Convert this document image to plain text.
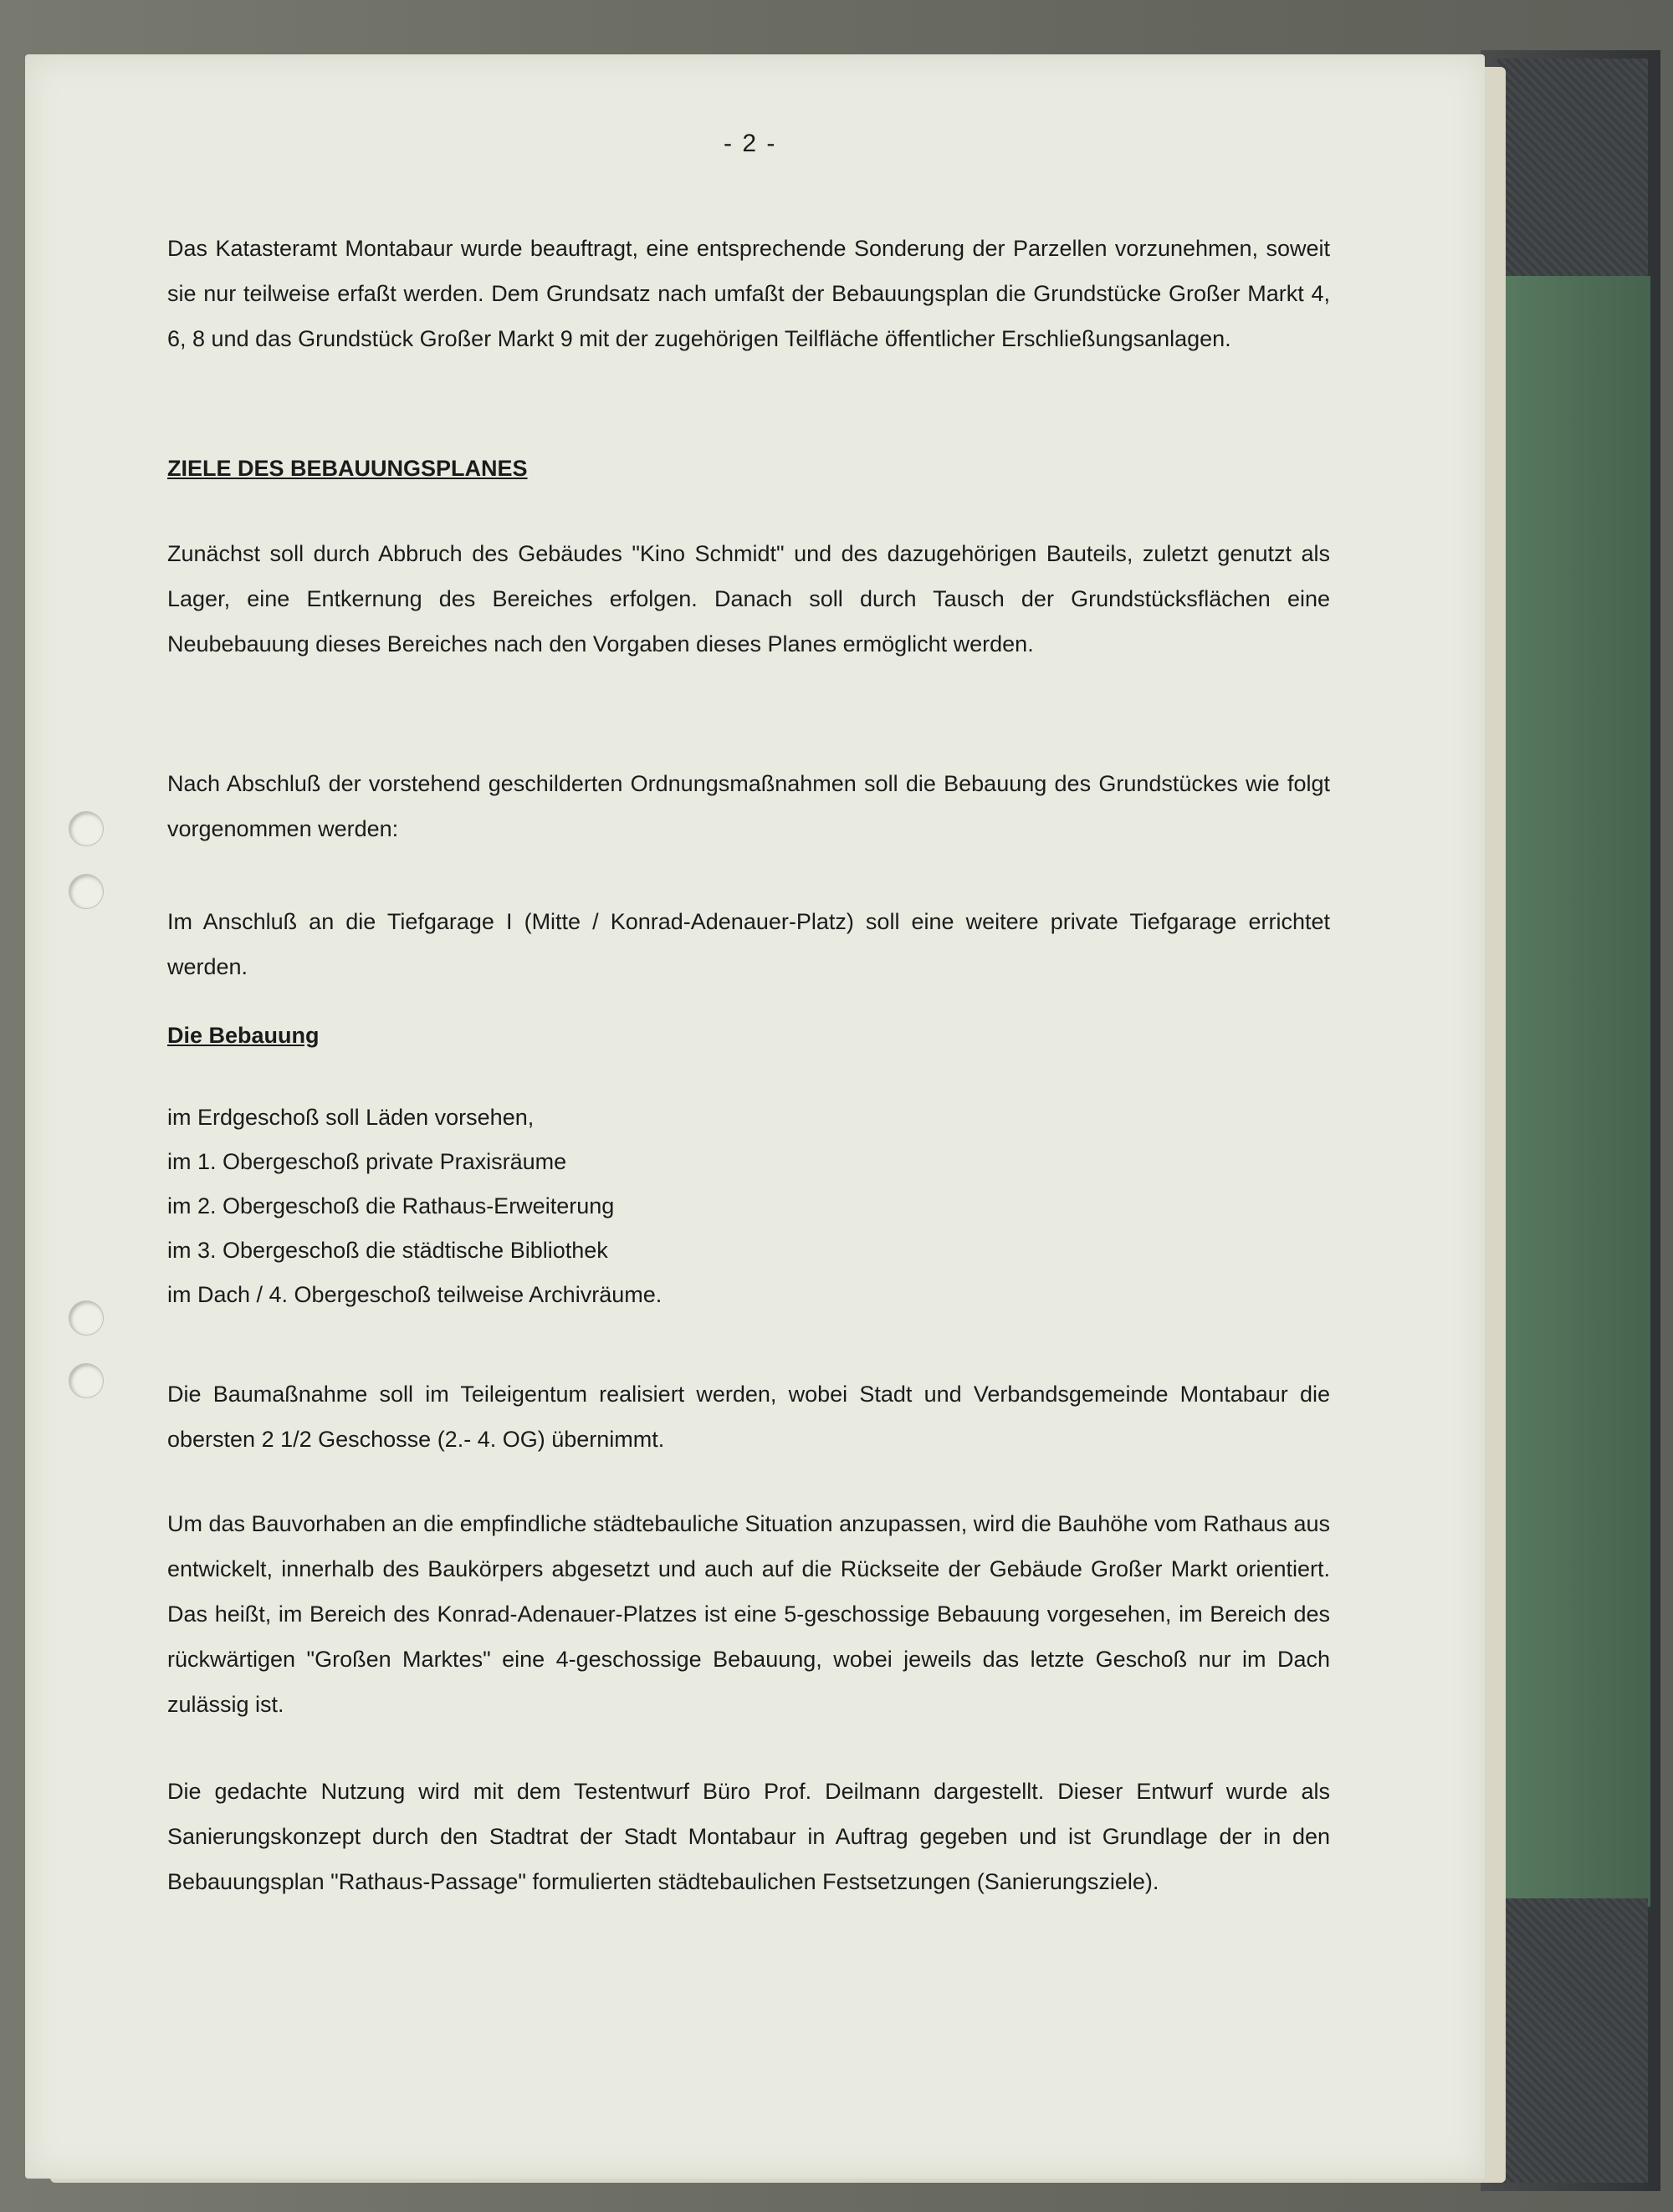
- 2 -

Das Katasteramt Montabaur wurde beauftragt, eine entsprechende Sonderung der Parzellen vorzunehmen, soweit sie nur teilweise erfaßt werden. Dem Grundsatz nach umfaßt der Bebauungsplan die Grundstücke Großer Markt 4, 6, 8 und das Grundstück Großer Markt 9 mit der zugehörigen Teilfläche öffentlicher Erschließungsanlagen.

ZIELE DES BEBAUUNGSPLANES

Zunächst soll durch Abbruch des Gebäudes "Kino Schmidt" und des dazugehörigen Bauteils, zuletzt genutzt als Lager, eine Entkernung des Bereiches erfolgen. Danach soll durch Tausch der Grundstücksflächen eine Neubebauung dieses Bereiches nach den Vorgaben dieses Planes ermöglicht werden.

Nach Abschluß der vorstehend geschilderten Ordnungsmaßnahmen soll die Bebauung des Grundstückes wie folgt vorgenommen werden:

Im Anschluß an die Tiefgarage I (Mitte / Konrad-Adenauer-Platz) soll eine weitere private Tiefgarage errichtet werden.

Die Bebauung
im Erdgeschoß soll Läden vorsehen,
im 1. Obergeschoß private Praxisräume
im 2. Obergeschoß die Rathaus-Erweiterung
im 3. Obergeschoß die städtische Bibliothek
im Dach / 4. Obergeschoß teilweise Archivräume.

Die Baumaßnahme soll im Teileigentum realisiert werden, wobei Stadt und Verbandsgemeinde Montabaur die obersten 2 1/2 Geschosse (2.- 4. OG) übernimmt.

Um das Bauvorhaben an die empfindliche städtebauliche Situation anzupassen, wird die Bauhöhe vom Rathaus aus entwickelt, innerhalb des Baukörpers abgesetzt und auch auf die Rückseite der Gebäude Großer Markt orientiert. Das heißt, im Bereich des Konrad-Adenauer-Platzes ist eine 5-geschossige Bebauung vorgesehen, im Bereich des rückwärtigen "Großen Marktes" eine 4-geschossige Bebauung, wobei jeweils das letzte Geschoß nur im Dach zulässig ist.

Die gedachte Nutzung wird mit dem Testentwurf Büro Prof. Deilmann dargestellt. Dieser Entwurf wurde als Sanierungskonzept durch den Stadtrat der Stadt Montabaur in Auftrag gegeben und ist Grundlage der in den Bebauungsplan "Rathaus-Passage" formulierten städtebaulichen Festsetzungen (Sanierungsziele).
